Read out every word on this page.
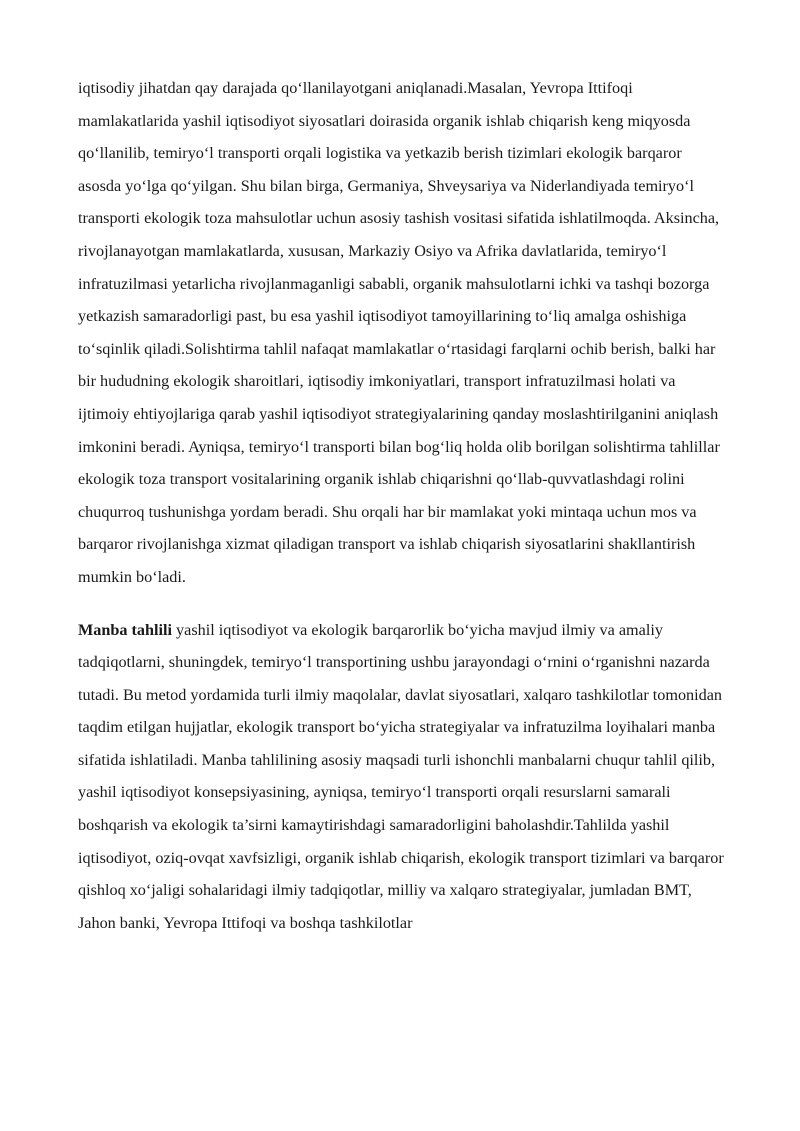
iqtisodiy jihatdan qay darajada qo‘llanilayotgani aniqlanadi.Masalan, Yevropa Ittifoqi mamlakatlarida yashil iqtisodiyot siyosatlari doirasida organik ishlab chiqarish keng miqyosda qo‘llanilib, temiryo‘l transporti orqali logistika va yetkazib berish tizimlari ekologik barqaror asosda yo‘lga qo‘yilgan. Shu bilan birga, Germaniya, Shveysariya va Niderlandiyada temiryo‘l transporti ekologik toza mahsulotlar uchun asosiy tashish vositasi sifatida ishlatilmoqda. Aksincha, rivojlanayotgan mamlakatlarda, xususan, Markaziy Osiyo va Afrika davlatlarida, temiryo‘l infratuzilmasi yetarlicha rivojlanmaganligi sababli, organik mahsulotlarni ichki va tashqi bozorga yetkazish samaradorligi past, bu esa yashil iqtisodiyot tamoyillarining to‘liq amalga oshishiga to‘sqinlik qiladi.Solishtirma tahlil nafaqat mamlakatlar o‘rtasidagi farqlarni ochib berish, balki har bir hududning ekologik sharoitlari, iqtisodiy imkoniyatlari, transport infratuzilmasi holati va ijtimoiy ehtiyojlariga qarab yashil iqtisodiyot strategiyalarining qanday moslashtirilganini aniqlash imkonini beradi. Ayniqsa, temiryo‘l transporti bilan bog‘liq holda olib borilgan solishtirma tahlillar ekologik toza transport vositalarining organik ishlab chiqarishni qo‘llab-quvvatlashdagi rolini chuqurroq tushunishga yordam beradi. Shu orqali har bir mamlakat yoki mintaqa uchun mos va barqaror rivojlanishga xizmat qiladigan transport va ishlab chiqarish siyosatlarini shakllantirish mumkin bo‘ladi.

Manba tahlili yashil iqtisodiyot va ekologik barqarorlik bo‘yicha mavjud ilmiy va amaliy tadqiqotlarni, shuningdek, temiryo‘l transportining ushbu jarayondagi o‘rnini o‘rganishni nazarda tutadi. Bu metod yordamida turli ilmiy maqolalar, davlat siyosatlari, xalqaro tashkilotlar tomonidan taqdim etilgan hujjatlar, ekologik transport bo‘yicha strategiyalar va infratuzilma loyihalari manba sifatida ishlatiladi. Manba tahlilining asosiy maqsadi turli ishonchli manbalarni chuqur tahlil qilib, yashil iqtisodiyot konsepsiyasining, ayniqsa, temiryo‘l transporti orqali resurslarni samarali boshqarish va ekologik ta’sirni kamaytirishdagi samaradorligini baholashdir.Tahlilda yashil iqtisodiyot, oziq-ovqat xavfsizligi, organik ishlab chiqarish, ekologik transport tizimlari va barqaror qishloq xo‘jaligi sohalaridagi ilmiy tadqiqotlar, milliy va xalqaro strategiyalar, jumladan BMT, Jahon banki, Yevropa Ittifoqi va boshqa tashkilotlar
